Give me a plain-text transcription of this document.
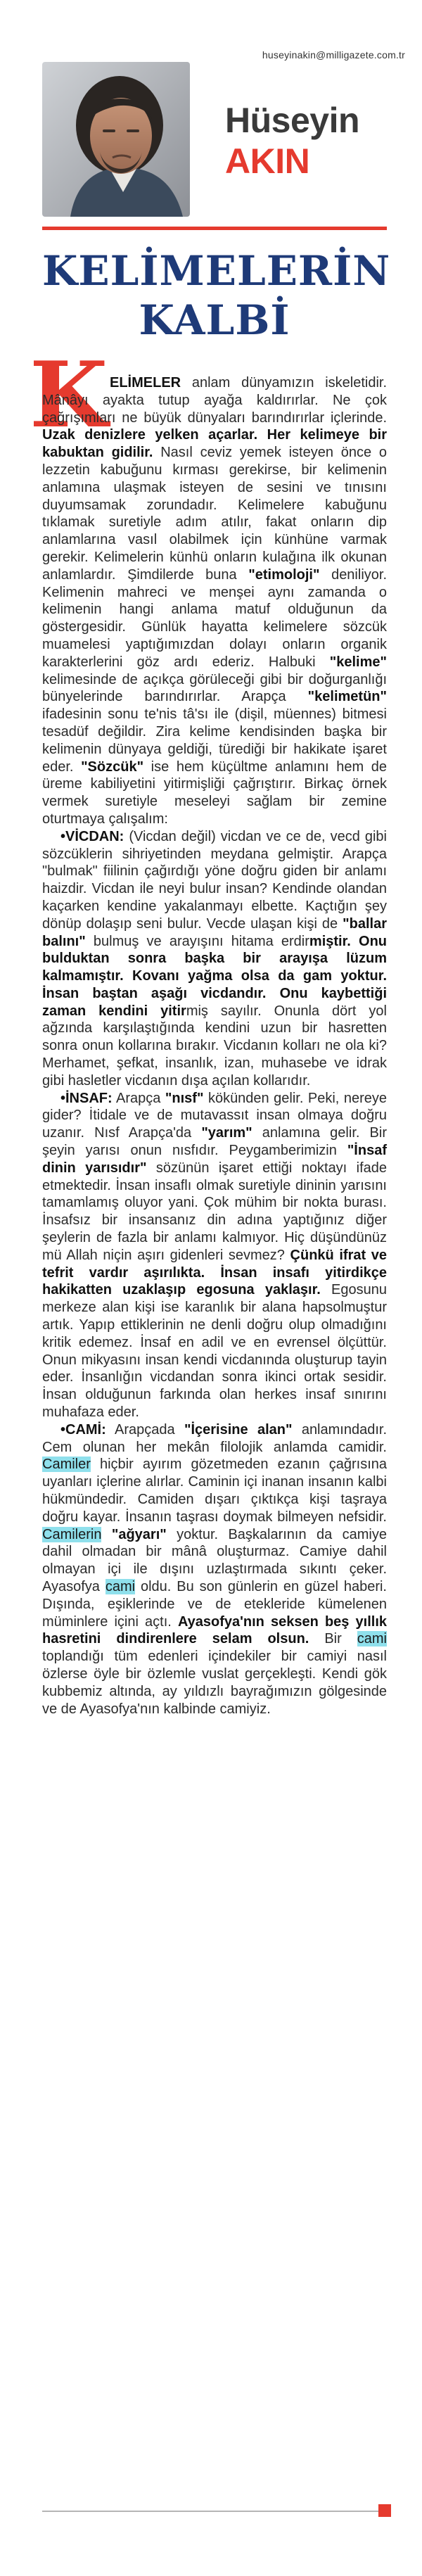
huseyinakin@milligazete.com.tr
Hüseyin
AKIN
KELİMELERİN
KALBİ
K ELİMELER anlam dünyamızın iskeletidir. Mânâyı ayakta tutup ayağa kaldırırlar. Ne çok çağrışımları ne büyük dünyaları barındırırlar içlerinde. Uzak denizlere yelken açarlar. Her kelimeye bir kabuktan gidilir. Nasıl ceviz yemek isteyen önce o lezzetin kabuğunu kırması gerekirse, bir kelimenin anlamına ulaşmak isteyen de sesini ve tınısını duyumsamak zorundadır. Kelimelere kabuğunu tıklamak suretiyle adım atılır, fakat onların dip anlamlarına vasıl olabilmek için künhüne varmak gerekir. Kelimelerin künhü onların kulağına ilk okunan anlamlardır. Şimdilerde buna "etimoloji" deniliyor. Kelimenin mahreci ve menşei aynı zamanda o kelimenin hangi anlama matuf olduğunun da göstergesidir. Günlük hayatta kelimelere sözcük muamelesi yaptığımızdan dolayı onların organik karakterlerini göz ardı ederiz. Halbuki "kelime" kelimesinde de açıkça görüleceği gibi bir doğurganlığı bünyelerinde barındırırlar. Arapça "kelimetün" ifadesinin sonu te'nis tâ'sı ile (dişil, müennes) bitmesi tesadüf değildir. Zira kelime kendisinden başka bir kelimenin dünyaya geldiği, türediği bir hakikate işaret eder. "Sözcük" ise hem küçültme anlamını hem de üreme kabiliyetini yitirmişliği çağrıştırır. Birkaç örnek vermek suretiyle meseleyi sağlam bir zemine oturtmaya çalışalım:

•VİCDAN: (Vicdan değil) vicdan ve ce de, vecd gibi sözcüklerin sihriyetinden meydana gelmiştir. Arapça "bulmak" fiilinin çağırdığı yöne doğru giden bir anlamı haizdir. Vicdan ile neyi bulur insan? Kendinde olandan kaçarken kendine yakalanmayı elbette. Kaçtığın şey dönüp dolaşıp seni bulur. Vecde ulaşan kişi de "ballar balını" bulmuş ve arayışını hitama erdirmiştir. Onu bulduktan sonra başka bir arayışa lüzum kalmamıştır. Kovanı yağma olsa da gam yoktur. İnsan baştan aşağı vicdandır. Onu kaybettiği zaman kendini yitirmiş sayılır. Onunla dört yol ağzında karşılaştığında kendini uzun bir hasretten sonra onun kollarına bırakır. Vicdanın kolları ne ola ki? Merhamet, şefkat, insanlık, izan, muhasebe ve idrak gibi hasletler vicdanın dışa açılan kollarıdır.

•İNSAF: Arapça "nısf" kökünden gelir. Peki, nereye gider? İtidale ve de mutavassıt insan olmaya doğru uzanır. Nısf Arapça'da "yarım" anlamına gelir. Bir şeyin yarısı onun nısfıdır. Peygamberimizin "İnsaf dinin yarısıdır" sözünün işaret ettiği noktayı ifade etmektedir. İnsan insaflı olmak suretiyle dininin yarısını tamamlamış oluyor yani. Çok mühim bir nokta burası. İnsafsız bir insansanız din adına yaptığınız diğer şeylerin de fazla bir anlamı kalmıyor. Hiç düşündünüz mü Allah niçin aşırı gidenleri sevmez? Çünkü ifrat ve tefrit vardır aşırılıkta. İnsan insafı yitirdikçe hakikatten uzaklaşıp egosuna yaklaşır. Egosunu merkeze alan kişi ise karanlık bir alana hapsolmuştur artık. Yapıp ettiklerinin ne denli doğru olup olmadığını kritik edemez. İnsaf en adil ve en evrensel ölçüttür. Onun mikyasını insan kendi vicdanında oluşturup tayin eder. İnsanlığın vicdandan sonra ikinci ortak sesidir. İnsan olduğunun farkında olan herkes insaf sınırını muhafaza eder.

•CAMİ: Arapçada "İçerisine alan" anlamındadır. Cem olunan her mekân filolojik anlamda camidir. Camiler hiçbir ayırım gözetmeden ezanın çağrısına uyanları içlerine alırlar. Caminin içi inanan insanın kalbi hükmündedir. Camiden dışarı çıktıkça kişi taşraya doğru kayar. İnsanın taşrası doymak bilmeyen nefsidir. Camilerin "ağyarı" yoktur. Başkalarının da camiye dahil olmadan bir mânâ oluşturmaz. Camiye dahil olmayan içi ile dışını uzlaştırmada sıkıntı çeker. Ayasofya cami oldu. Bu son günlerin en güzel haberi. Dışında, eşiklerinde ve de etekleride kümelenen müminlere içini açtı. Ayasofya'nın seksen beş yıllık hasretini dindirenlere selam olsun. Bir cami toplandığı tüm edenleri içindekiler bir camiyi nasıl özlerse öyle bir özlemle vuslat gerçekleşti. Kendi gök kubbemiz altında, ay yıldızlı bayrağımızın gölgesinde ve de Ayasofya'nın kalbinde camiyiz.
